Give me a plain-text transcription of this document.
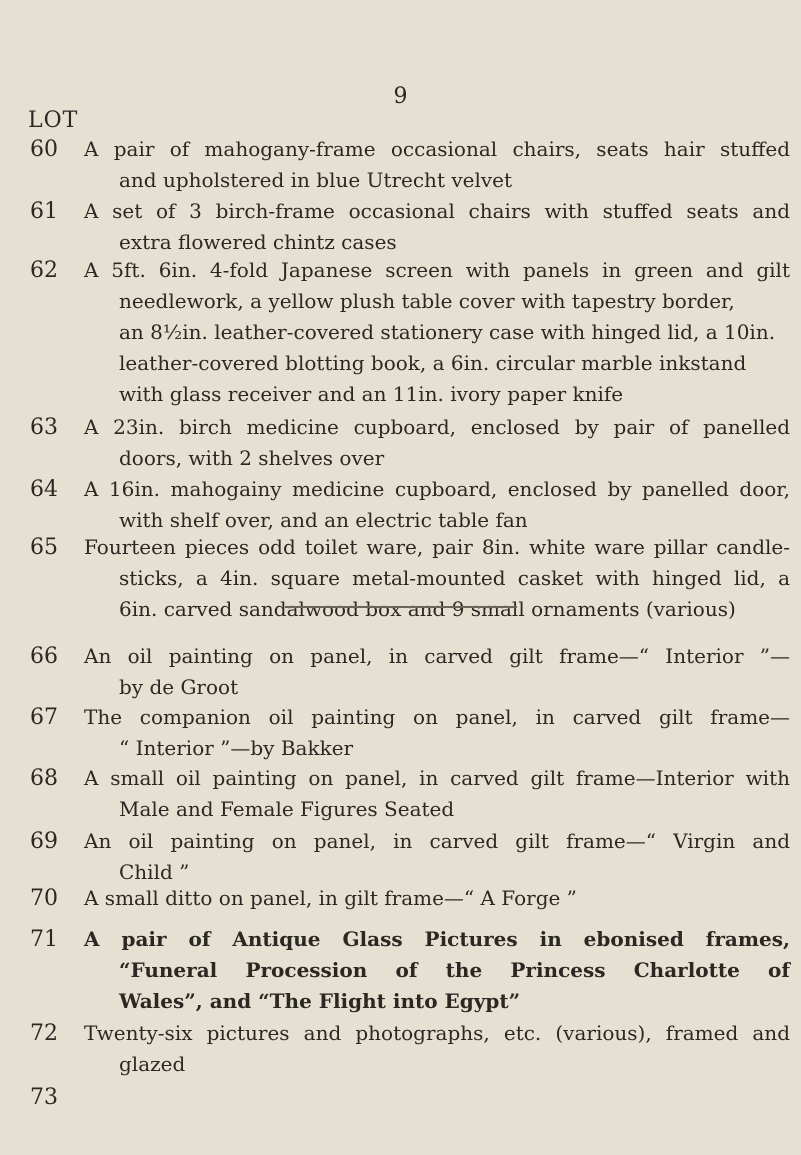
9
LOT
60 A pair of mahogany-frame occasional chairs, seats hair stuffed
and upholstered in blue Utrecht velvet
61 A set of 3 birch-frame occasional chairs with stuffed seats and
extra flowered chintz cases
62 A 5ft. 6in. 4-fold Japanese screen with panels in green and gilt
needlework, a yellow plush table cover with tapestry border,
an 8½in. leather-covered stationery case with hinged lid, a 10in.
leather-covered blotting book, a 6in. circular marble inkstand
with glass receiver and an 11in. ivory paper knife
63 A 23in. birch medicine cupboard, enclosed by pair of panelled
doors, with 2 shelves over
64 A 16in. mahogainy medicine cupboard, enclosed by panelled door,
with shelf over, and an electric table fan
65 Fourteen pieces odd toilet ware, pair 8in. white ware pillar candle-
sticks, a 4in. square metal-mounted casket with hinged lid, a
6in. carved sandalwood box and 9 small ornaments (various)
66 An oil painting on panel, in carved gilt frame—“ Interior ”—
by de Groot
67 The companion oil painting on panel, in carved gilt frame—
“ Interior ”—by Bakker
68 A small oil painting on panel, in carved gilt frame—Interior with
Male and Female Figures Seated
69 An oil painting on panel, in carved gilt frame—“ Virgin and
Child ”
70 A small ditto on panel, in gilt frame—“ A Forge ”
71 A pair of Antique Glass Pictures in ebonised frames,
“Funeral Procession of the Princess Charlotte of
Wales”, and “The Flight into Egypt”
72 Twenty-six pictures and photographs, etc. (various), framed and
glazed
73
